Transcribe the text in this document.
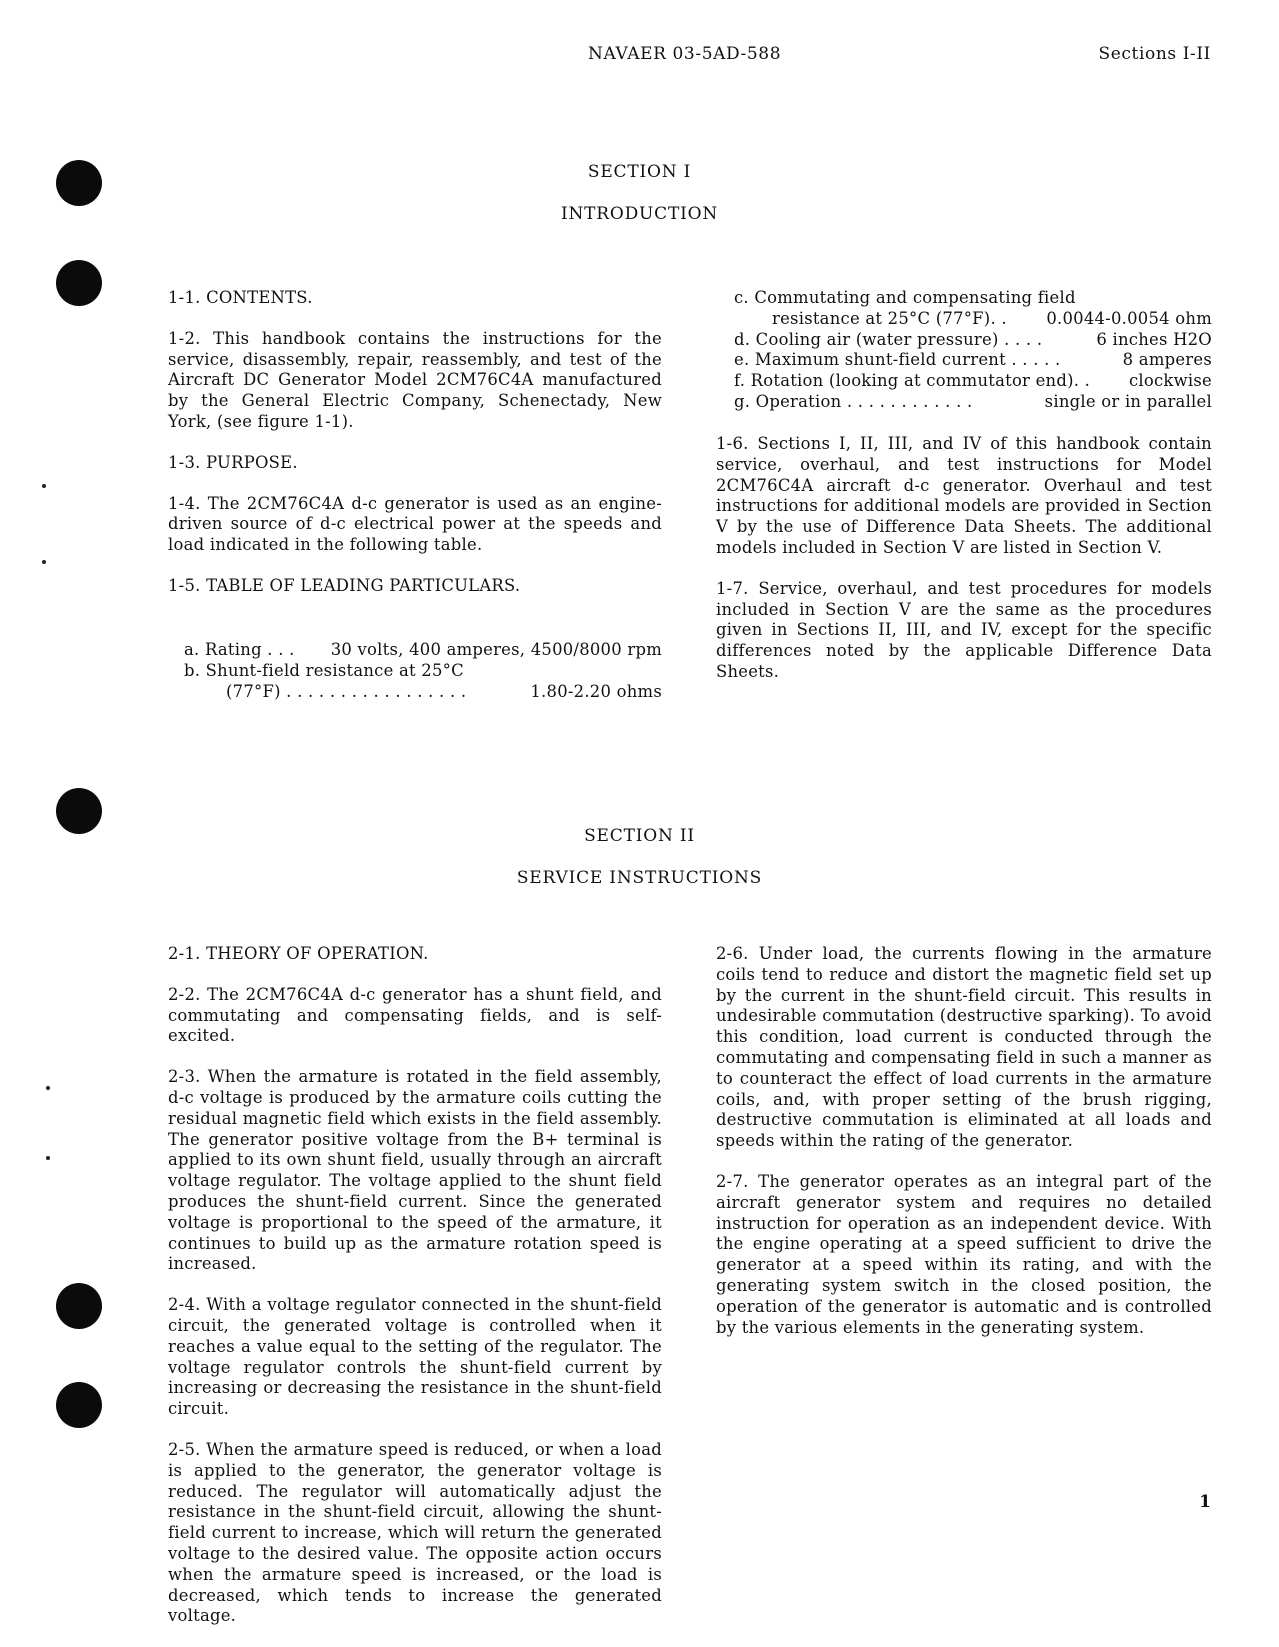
NAVAER 03-5AD-588	Sections I-II
SECTION I
INTRODUCTION

1-1. CONTENTS.

1-2. This handbook contains the instructions for the service, disassembly, repair, reassembly, and test of the Aircraft DC Generator Model 2CM76C4A manufactured by the General Electric Company, Schenectady, New York, (see figure 1-1).

1-3. PURPOSE.

1-4. The 2CM76C4A d-c generator is used as an engine-driven source of d-c electrical power at the speeds and load indicated in the following table.

1-5. TABLE OF LEADING PARTICULARS.

a. Rating . . . 30 volts, 400 amperes, 4500/8000 rpm
b. Shunt-field resistance at 25°C
(77°F) . . . . . . . . . . . . . . . . .	1.80-2.20 ohms
c. Commutating and compensating field
resistance at 25°C (77°F). . 0.0044-0.0054 ohm
d. Cooling air (water pressure) . . . .	6 inches H2O
e. Maximum shunt-field current . . . . .	8 amperes
f. Rotation (looking at commutator end). . clockwise
g. Operation . . . . . . . . . . . .	single or in parallel

1-6. Sections I, II, III, and IV of this handbook contain service, overhaul, and test instructions for Model 2CM76C4A aircraft d-c generator. Overhaul and test instructions for additional models are provided in Section V by the use of Difference Data Sheets. The additional models included in Section V are listed in Section V.

1-7. Service, overhaul, and test procedures for models included in Section V are the same as the procedures given in Sections II, III, and IV, except for the specific differences noted by the applicable Difference Data Sheets.

SECTION II
SERVICE INSTRUCTIONS

2-1. THEORY OF OPERATION.

2-2. The 2CM76C4A d-c generator has a shunt field, and commutating and compensating fields, and is self-excited.

2-3. When the armature is rotated in the field assembly, d-c voltage is produced by the armature coils cutting the residual magnetic field which exists in the field assembly. The generator positive voltage from the B+ terminal is applied to its own shunt field, usually through an aircraft voltage regulator. The voltage applied to the shunt field produces the shunt-field current. Since the generated voltage is proportional to the speed of the armature, it continues to build up as the armature rotation speed is increased.

2-4. With a voltage regulator connected in the shunt-field circuit, the generated voltage is controlled when it reaches a value equal to the setting of the regulator. The voltage regulator controls the shunt-field current by increasing or decreasing the resistance in the shunt-field circuit.

2-5. When the armature speed is reduced, or when a load is applied to the generator, the generator voltage is reduced. The regulator will automatically adjust the resistance in the shunt-field circuit, allowing the shunt-field current to increase, which will return the generated voltage to the desired value. The opposite action occurs when the armature speed is increased, or the load is decreased, which tends to increase the generated voltage.

2-6. Under load, the currents flowing in the armature coils tend to reduce and distort the magnetic field set up by the current in the shunt-field circuit. This results in undesirable commutation (destructive sparking). To avoid this condition, load current is conducted through the commutating and compensating field in such a manner as to counteract the effect of load currents in the armature coils, and, with proper setting of the brush rigging, destructive commutation is eliminated at all loads and speeds within the rating of the generator.

2-7. The generator operates as an integral part of the aircraft generator system and requires no detailed instruction for operation as an independent device. With the engine operating at a speed sufficient to drive the generator at a speed within its rating, and with the generating system switch in the closed position, the operation of the generator is automatic and is controlled by the various elements in the generating system.

1
